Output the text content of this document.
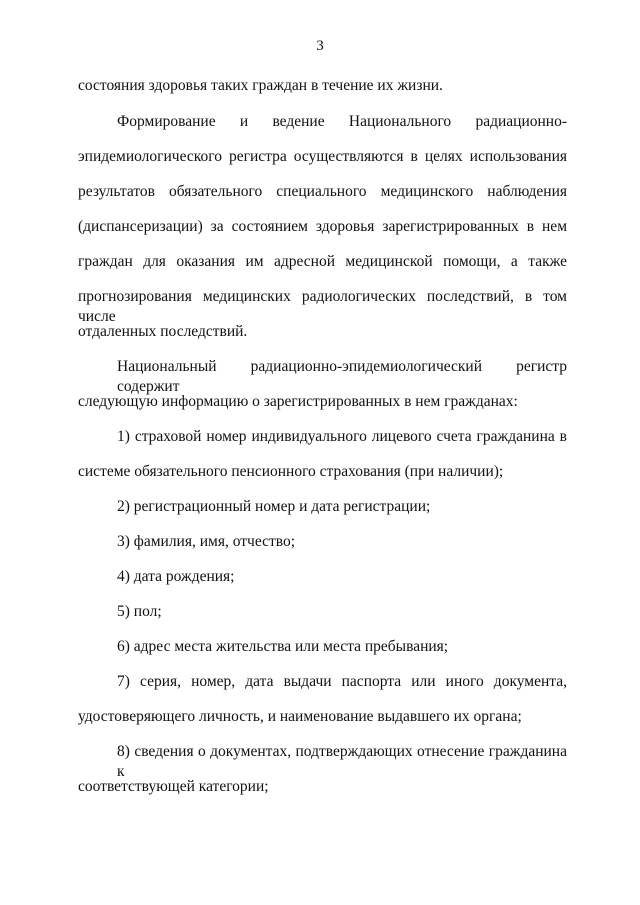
3
состояния здоровья таких граждан в течение их жизни.
Формирование и ведение Национального радиационно-
эпидемиологического регистра осуществляются в целях использования
результатов обязательного специального медицинского наблюдения
(диспансеризации) за состоянием здоровья зарегистрированных в нем
граждан для оказания им адресной медицинской помощи, а также
прогнозирования медицинских радиологических последствий, в том числе
отдаленных последствий.
Национальный радиационно-эпидемиологический регистр содержит
следующую информацию о зарегистрированных в нем гражданах:
1) страховой номер индивидуального лицевого счета гражданина в
системе обязательного пенсионного страхования (при наличии);
2) регистрационный номер и дата регистрации;
3) фамилия, имя, отчество;
4) дата рождения;
5) пол;
6) адрес места жительства или места пребывания;
7) серия, номер, дата выдачи паспорта или иного документа,
удостоверяющего личность, и наименование выдавшего их органа;
8) сведения о документах, подтверждающих отнесение гражданина к
соответствующей категории;
